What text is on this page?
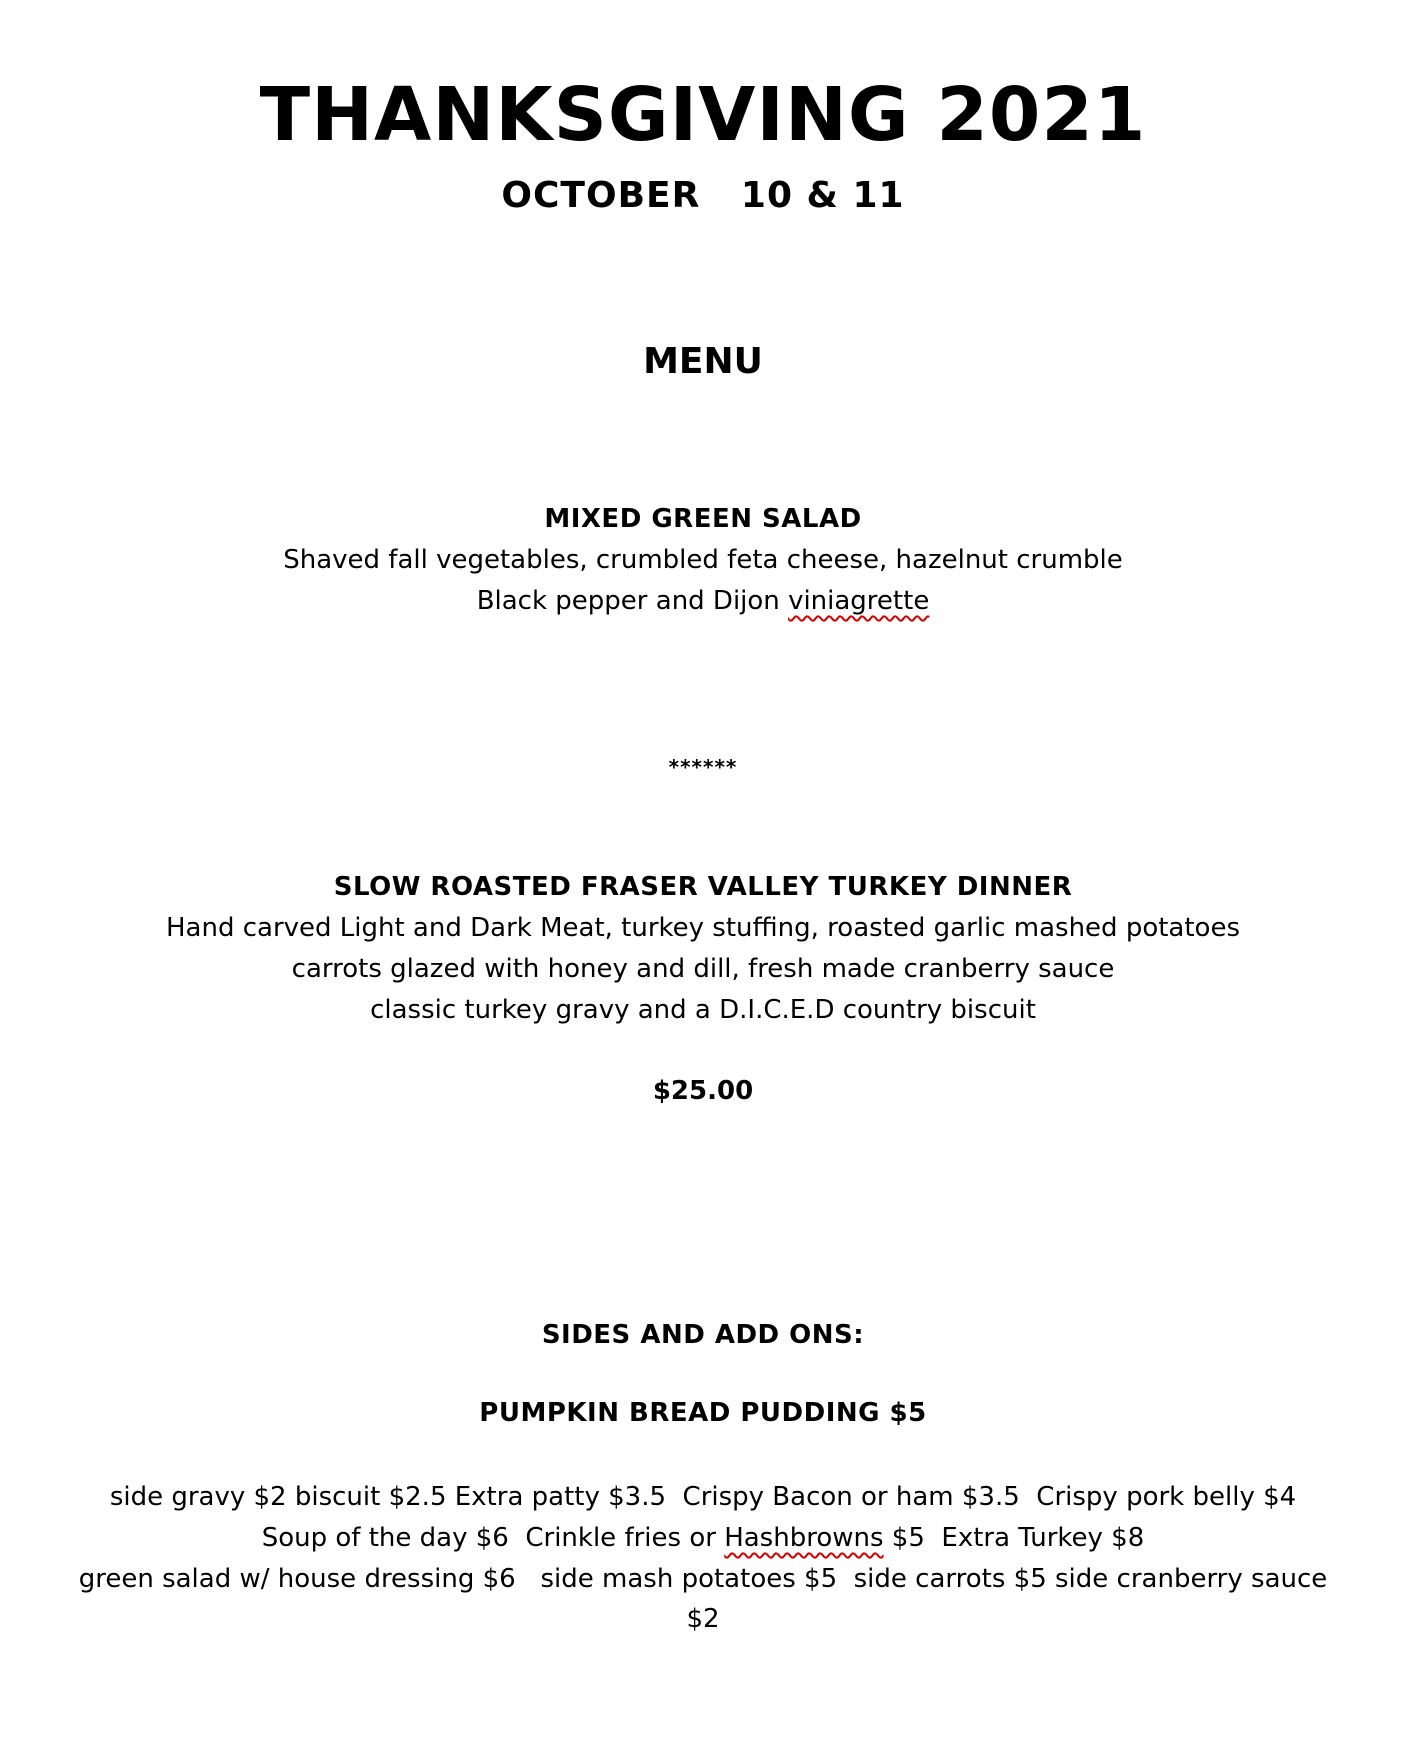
THANKSGIVING 2021
OCTOBER   10 & 11
MENU
MIXED GREEN SALAD
Shaved fall vegetables, crumbled feta cheese, hazelnut crumble
Black pepper and Dijon viniagrette
******
SLOW ROASTED FRASER VALLEY TURKEY DINNER
Hand carved Light and Dark Meat, turkey stuffing, roasted garlic mashed potatoes
carrots glazed with honey and dill, fresh made cranberry sauce
classic turkey gravy and a D.I.C.E.D country biscuit
$25.00
SIDES AND ADD ONS:
PUMPKIN BREAD PUDDING $5
side gravy $2 biscuit $2.5 Extra patty $3.5  Crispy Bacon or ham $3.5  Crispy pork belly $4
Soup of the day $6  Crinkle fries or Hashbrowns $5  Extra Turkey $8
green salad w/ house dressing $6   side mash potatoes $5  side carrots $5 side cranberry sauce
$2
